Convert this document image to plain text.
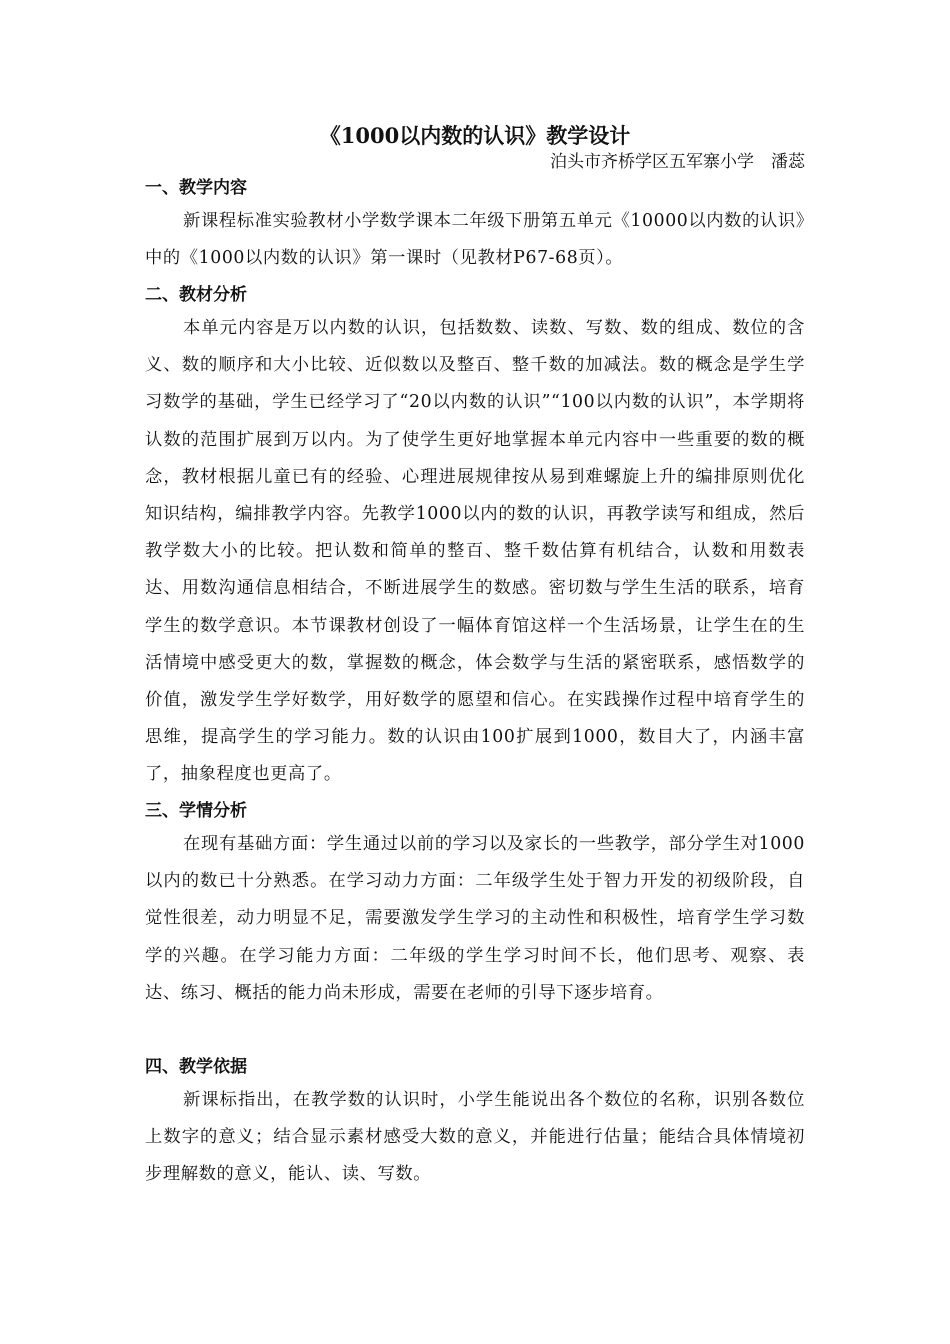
《1000以内数的认识》教学设计
泊头市齐桥学区五军寨小学　潘蕊
一、教学内容

新课程标准实验教材小学数学课本二年级下册第五单元《10000以内数的认识》中的《1000以内数的认识》第一课时（见教材P67-68页）。

二、教材分析

本单元内容是万以内数的认识，包括数数、读数、写数、数的组成、数位的含义、数的顺序和大小比较、近似数以及整百、整千数的加减法。数的概念是学生学习数学的基础，学生已经学习了“20以内数的认识”“100以内数的认识”，本学期将认数的范围扩展到万以内。为了使学生更好地掌握本单元内容中一些重要的数的概念，教材根据儿童已有的经验、心理进展规律按从易到难螺旋上升的编排原则优化知识结构，编排教学内容。先教学1000以内的数的认识，再教学读写和组成，然后教学数大小的比较。把认数和简单的整百、整千数估算有机结合，认数和用数表达、用数沟通信息相结合，不断进展学生的数感。密切数与学生生活的联系，培育学生的数学意识。本节课教材创设了一幅体育馆这样一个生活场景，让学生在的生活情境中感受更大的数，掌握数的概念，体会数学与生活的紧密联系，感悟数学的价值，激发学生学好数学，用好数学的愿望和信心。在实践操作过程中培育学生的思维，提高学生的学习能力。数的认识由100扩展到1000，数目大了，内涵丰富了，抽象程度也更高了。

三、学情分析

在现有基础方面：学生通过以前的学习以及家长的一些教学，部分学生对1000以内的数已十分熟悉。在学习动力方面：二年级学生处于智力开发的初级阶段，自觉性很差，动力明显不足，需要激发学生学习的主动性和积极性，培育学生学习数学的兴趣。在学习能力方面：二年级的学生学习时间不长，他们思考、观察、表达、练习、概括的能力尚未形成，需要在老师的引导下逐步培育。

四、教学依据

新课标指出，在教学数的认识时，小学生能说出各个数位的名称，识别各数位上数字的意义；结合显示素材感受大数的意义，并能进行估量；能结合具体情境初步理解数的意义，能认、读、写数。
